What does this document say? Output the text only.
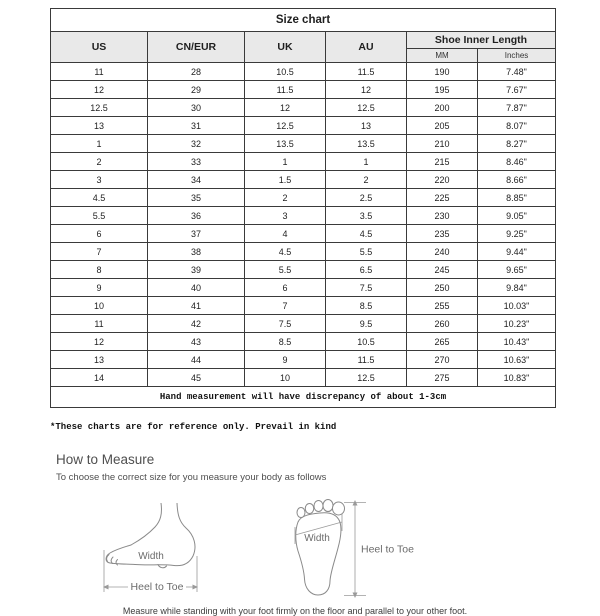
Size chart					
US	CN/EUR	UK	AU	Shoe Inner Length	
				MM	Inches
11	28	10.5	11.5	190	7.48"
12	29	11.5	12	195	7.67"
12.5	30	12	12.5	200	7.87"
13	31	12.5	13	205	8.07"
1	32	13.5	13.5	210	8.27"
2	33	1	1	215	8.46"
3	34	1.5	2	220	8.66"
4.5	35	2	2.5	225	8.85"
5.5	36	3	3.5	230	9.05"
6	37	4	4.5	235	9.25"
7	38	4.5	5.5	240	9.44"
8	39	5.5	6.5	245	9.65"
9	40	6	7.5	250	9.84"
10	41	7	8.5	255	10.03"
11	42	7.5	9.5	260	10.23"
12	43	8.5	10.5	265	10.43"
13	44	9	11.5	270	10.63"
14	45	10	12.5	275	10.83"
Hand measurement will have discrepancy of about 1-3cm					

*These charts are for reference only. Prevail in kind

How to Measure
To choose the correct size for you measure your body as follows
Heel to Toe
Width
Width
Heel to Toe
Measure while standing with your foot firmly on the floor and parallel to your other foot.
